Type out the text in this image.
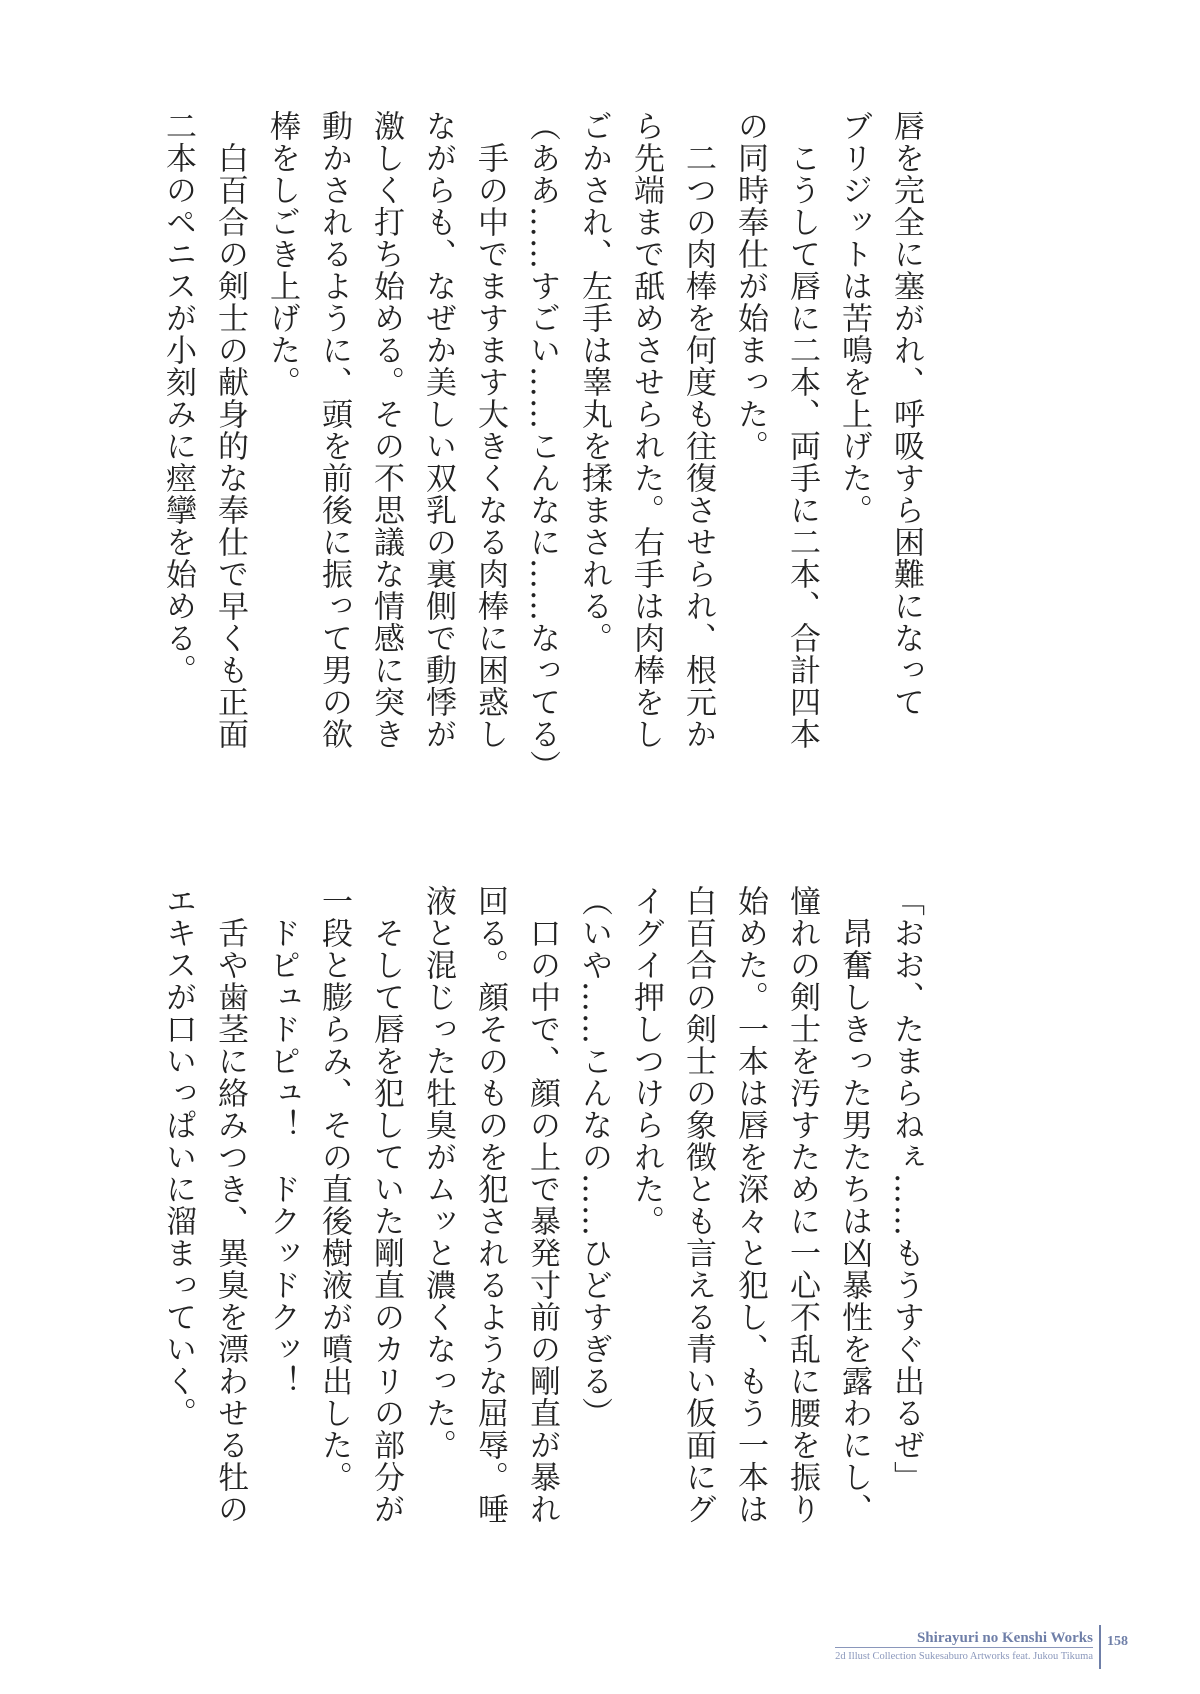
唇を完全に塞がれ、呼吸すら困難になって

ブリジットは苦鳴を上げた。

　こうして唇に二本、両手に二本、合計四本

の同時奉仕が始まった。

　二つの肉棒を何度も往復させられ、根元か

ら先端まで舐めさせられた。右手は肉棒をし

ごかされ、左手は睾丸を揉まされる。

（ああ……すごい……こんなに……なってる）

　手の中でますます大きくなる肉棒に困惑し

ながらも、なぜか美しい双乳の裏側で動悸が

激しく打ち始める。その不思議な情感に突き

動かされるように、頭を前後に振って男の欲

棒をしごき上げた。

　白百合の剣士の献身的な奉仕で早くも正面

二本のペニスが小刻みに痙攣を始める。

「おお、たまらねぇ……もうすぐ出るぜ」

　昂奮しきった男たちは凶暴性を露わにし、

憧れの剣士を汚すために一心不乱に腰を振り

始めた。一本は唇を深々と犯し、もう一本は

白百合の剣士の象徴とも言える青い仮面にグ

イグイ押しつけられた。

（いや……こんなの……ひどすぎる）

　口の中で、顔の上で暴発寸前の剛直が暴れ

回る。顔そのものを犯されるような屈辱。唾

液と混じった牡臭がムッと濃くなった。

　そして唇を犯していた剛直のカリの部分が

一段と膨らみ、その直後樹液が噴出した。

　ドピュドピュ！　ドクッドクッ！

　舌や歯茎に絡みつき、異臭を漂わせる牡の

エキスが口いっぱいに溜まっていく。

Shirayuri no Kenshi Works
2d Illust Collection Sukesaburo Artworks feat. Jukou Tikuma
158
